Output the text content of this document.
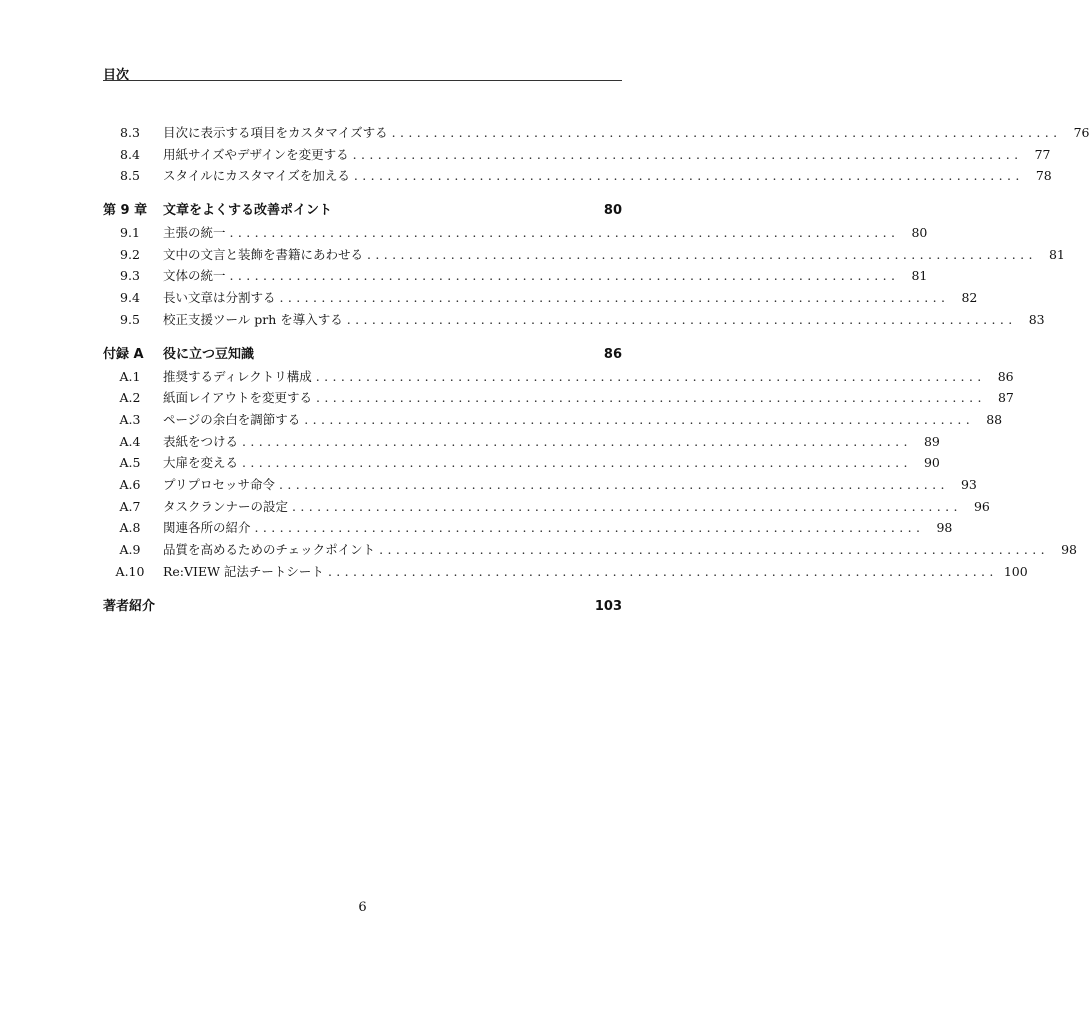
目次
8.3	目次に表示する項目をカスタマイズする ................................................................................ 76
8.4	用紙サイズやデザインを変更する ................................................................................ 77
8.5	スタイルにカスタマイズを加える ................................................................................ 78
第 9 章	文章をよくする改善ポイント	80
9.1	主張の統一 ................................................................................ 80
9.2	文中の文言と装飾を書籍にあわせる ................................................................................ 81
9.3	文体の統一 ................................................................................ 81
9.4	長い文章は分割する ................................................................................ 82
9.5	校正支援ツール prh を導入する ................................................................................ 83
付録 A	役に立つ豆知識	86
A.1	推奨するディレクトリ構成 ................................................................................ 86
A.2	紙面レイアウトを変更する ................................................................................ 87
A.3	ページの余白を調節する ................................................................................ 88
A.4	表紙をつける ................................................................................ 89
A.5	大扉を変える ................................................................................ 90
A.6	プリプロセッサ命令 ................................................................................ 93
A.7	タスクランナーの設定 ................................................................................ 96
A.8	関連各所の紹介 ................................................................................ 98
A.9	品質を高めるためのチェックポイント ................................................................................ 98
A.10	Re:VIEW 記法チートシート ................................................................................ 100
著者紹介	103
6
